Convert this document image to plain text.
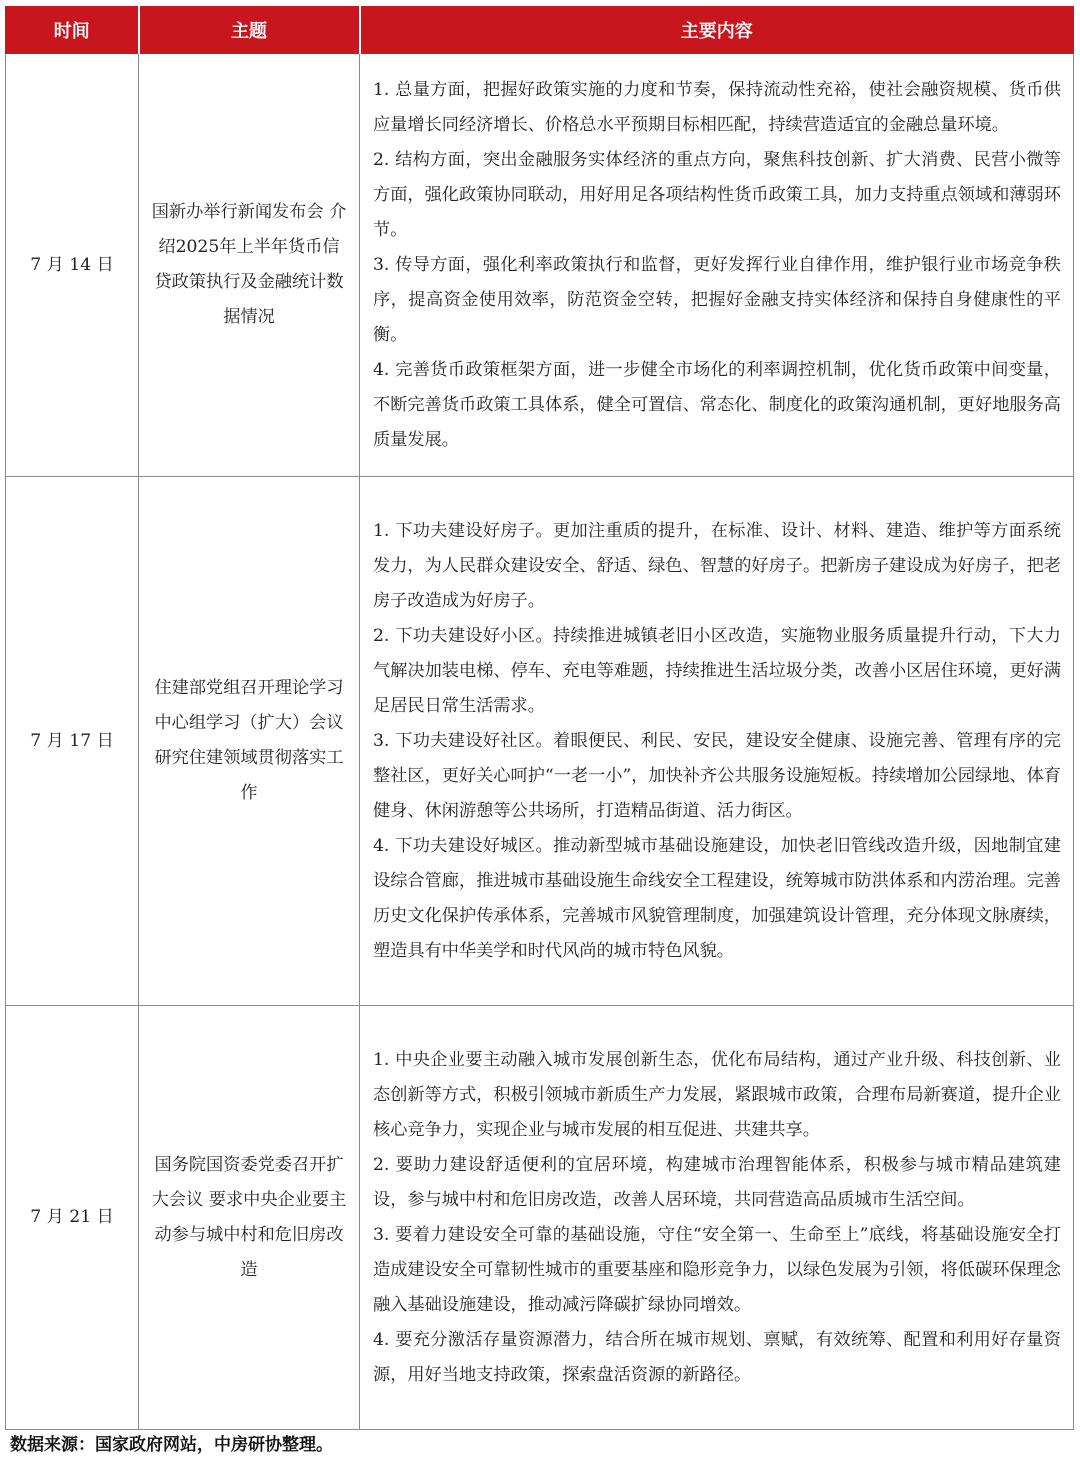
时间	主题	主要内容
7 月 14 日	国新办举行新闻发布会 介绍2025年上半年货币信贷政策执行及金融统计数据情况	1. 总量方面，把握好政策实施的力度和节奏，保持流动性充裕，使社会融资规模、货币供应量增长同经济增长、价格总水平预期目标相匹配，持续营造适宜的金融总量环境。

2. 结构方面，突出金融服务实体经济的重点方向，聚焦科技创新、扩大消费、民营小微等方面，强化政策协同联动，用好用足各项结构性货币政策工具，加力支持重点领域和薄弱环节。

3. 传导方面，强化利率政策执行和监督，更好发挥行业自律作用，维护银行业市场竞争秩序，提高资金使用效率，防范资金空转，把握好金融支持实体经济和保持自身健康性的平衡。

4. 完善货币政策框架方面，进一步健全市场化的利率调控机制，优化货币政策中间变量，不断完善货币政策工具体系，健全可置信、常态化、制度化的政策沟通机制，更好地服务高质量发展。

7 月 17 日	住建部党组召开理论学习中心组学习（扩大）会议 研究住建领域贯彻落实工作	1. 下功夫建设好房子。更加注重质的提升，在标准、设计、材料、建造、维护等方面系统发力，为人民群众建设安全、舒适、绿色、智慧的好房子。把新房子建设成为好房子，把老房子改造成为好房子。

2. 下功夫建设好小区。持续推进城镇老旧小区改造，实施物业服务质量提升行动，下大力气解决加装电梯、停车、充电等难题，持续推进生活垃圾分类，改善小区居住环境，更好满足居民日常生活需求。

3. 下功夫建设好社区。着眼便民、利民、安民，建设安全健康、设施完善、管理有序的完整社区，更好关心呵护“一老一小”，加快补齐公共服务设施短板。持续增加公园绿地、体育健身、休闲游憩等公共场所，打造精品街道、活力街区。

4. 下功夫建设好城区。推动新型城市基础设施建设，加快老旧管线改造升级，因地制宜建设综合管廊，推进城市基础设施生命线安全工程建设，统筹城市防洪体系和内涝治理。完善历史文化保护传承体系，完善城市风貌管理制度，加强建筑设计管理，充分体现文脉赓续，塑造具有中华美学和时代风尚的城市特色风貌。

7 月 21 日	国务院国资委党委召开扩大会议 要求中央企业要主动参与城中村和危旧房改造	1. 中央企业要主动融入城市发展创新生态，优化布局结构，通过产业升级、科技创新、业态创新等方式，积极引领城市新质生产力发展，紧跟城市政策，合理布局新赛道，提升企业核心竞争力，实现企业与城市发展的相互促进、共建共享。

2. 要助力建设舒适便利的宜居环境，构建城市治理智能体系，积极参与城市精品建筑建设，参与城中村和危旧房改造，改善人居环境，共同营造高品质城市生活空间。

3. 要着力建设安全可靠的基础设施，守住“安全第一、生命至上”底线，将基础设施安全打造成建设安全可靠韧性城市的重要基座和隐形竞争力，以绿色发展为引领，将低碳环保理念融入基础设施建设，推动减污降碳扩绿协同增效。

4. 要充分激活存量资源潜力，结合所在城市规划、禀赋，有效统筹、配置和利用好存量资源，用好当地支持政策，探索盘活资源的新路径。

数据来源：国家政府网站，中房研协整理。
